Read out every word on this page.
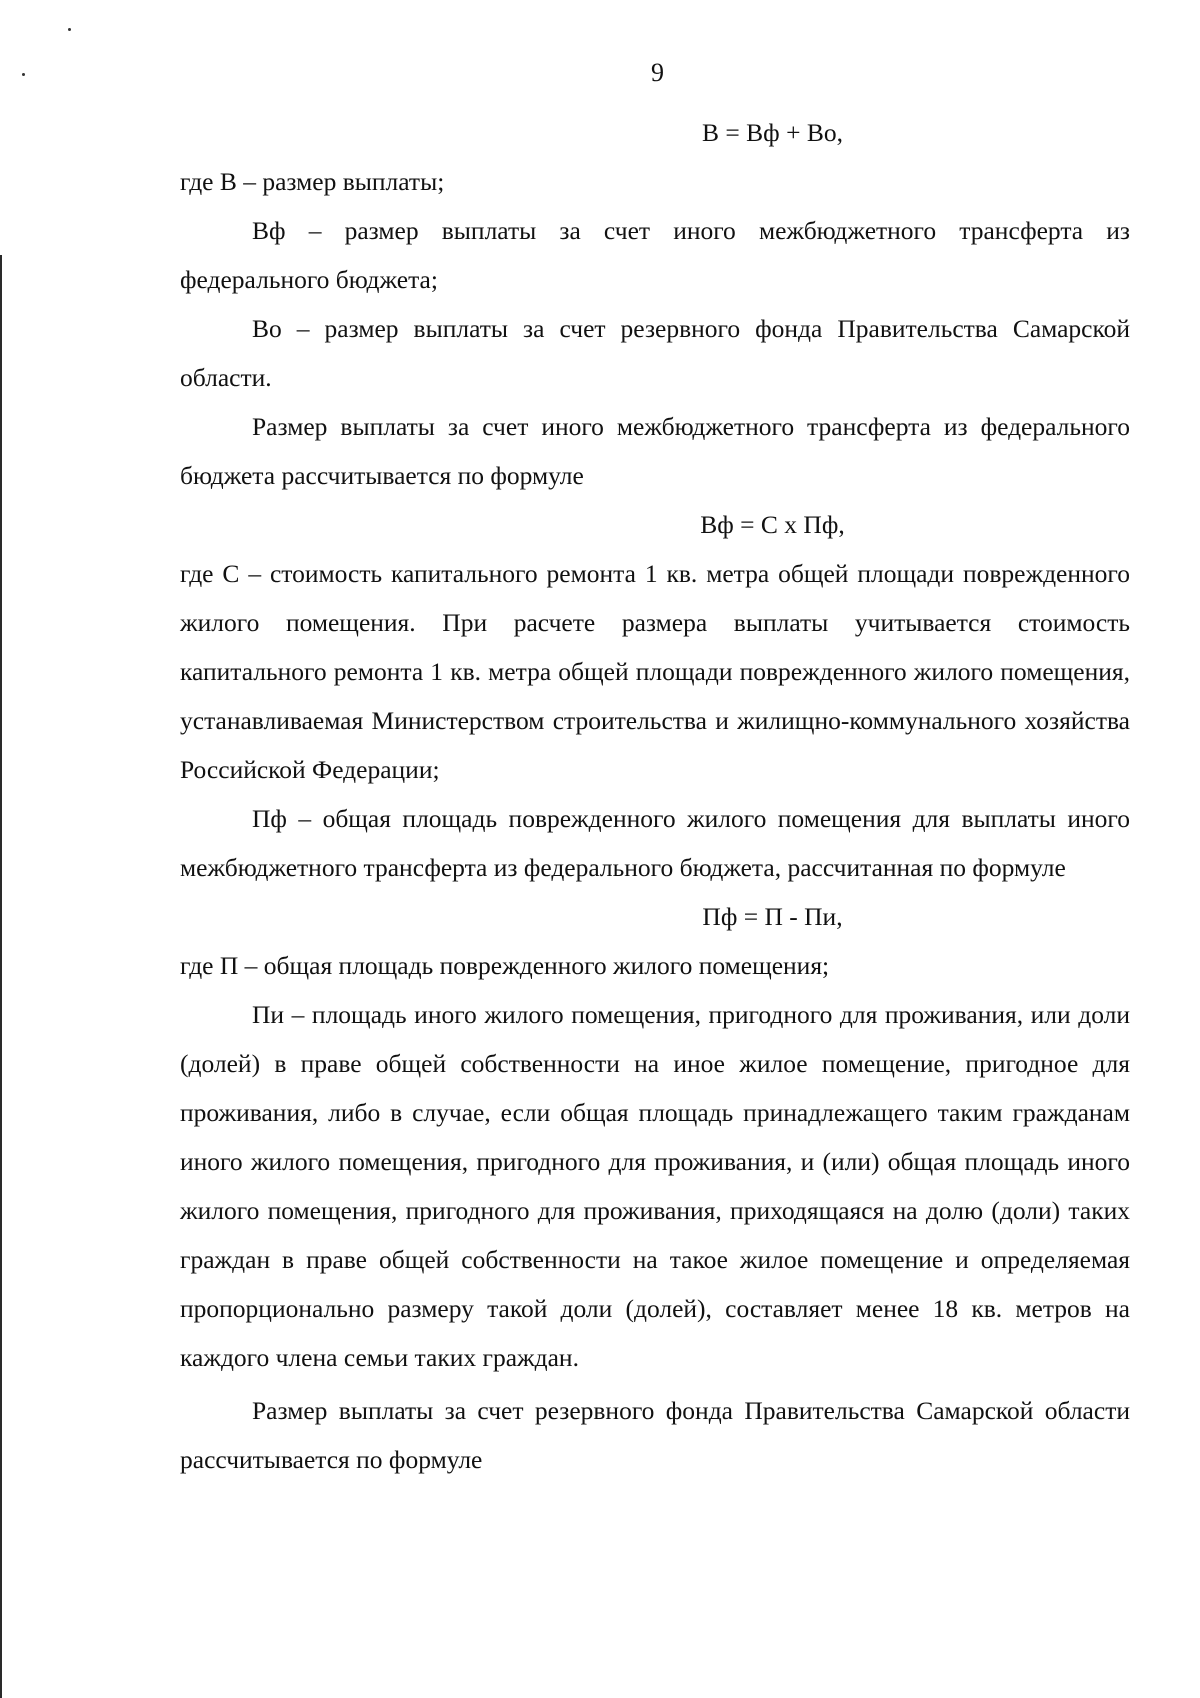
9

В = Вф + Во,

где В – размер выплаты;

Вф – размер выплаты за счет иного межбюджетного трансферта из федерального бюджета;

Во – размер выплаты за счет резервного фонда Правительства Самарской области.

Размер выплаты за счет иного межбюджетного трансферта из федерального бюджета рассчитывается по формуле

Вф = С х Пф,

где С – стоимость капитального ремонта 1 кв. метра общей площади поврежденного жилого помещения. При расчете размера выплаты учитывается стоимость капитального ремонта 1 кв. метра общей площади поврежденного жилого помещения, устанавливаемая Министерством строительства и жилищно-коммунального хозяйства Российской Федерации;

Пф – общая площадь поврежденного жилого помещения для выплаты иного межбюджетного трансферта из федерального бюджета, рассчитанная по формуле

Пф = П - Пи,

где П – общая площадь поврежденного жилого помещения;

Пи – площадь иного жилого помещения, пригодного для проживания, или доли (долей) в праве общей собственности на иное жилое помещение, пригодное для проживания, либо в случае, если общая площадь принадлежащего таким гражданам иного жилого помещения, пригодного для проживания, и (или) общая площадь иного жилого помещения, пригодного для проживания, приходящаяся на долю (доли) таких граждан в праве общей собственности на такое жилое помещение и определяемая пропорционально размеру такой доли (долей), составляет менее 18 кв. метров на каждого члена семьи таких граждан.

Размер выплаты за счет резервного фонда Правительства Самарской области рассчитывается по формуле
